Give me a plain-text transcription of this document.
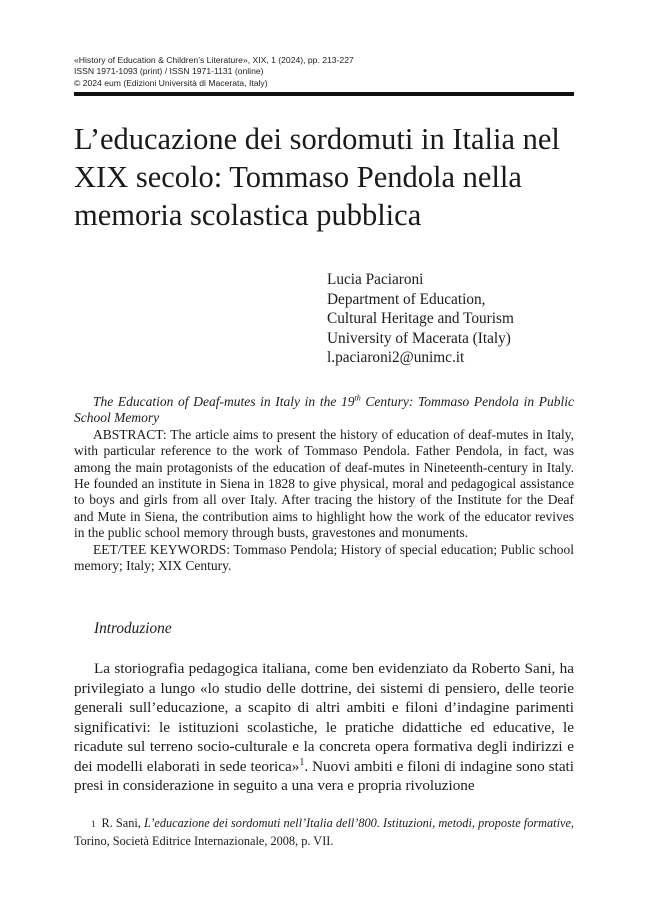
«History of Education & Children’s Literature», XIX, 1 (2024), pp. 213-227
ISSN 1971-1093 (print) / ISSN 1971-1131 (online)
© 2024 eum (Edizioni Università di Macerata, Italy)
L’educazione dei sordomuti in Italia nel
XIX secolo: Tommaso Pendola nella
memoria scolastica pubblica
Lucia Paciaroni
Department of Education,
Cultural Heritage and Tourism
University of Macerata (Italy)
l.paciaroni2@unimc.it

The Education of Deaf-mutes in Italy in the 19th Century: Tommaso Pendola in Public School Memory

ABSTRACT: The article aims to present the history of education of deaf-mutes in Italy, with particular reference to the work of Tommaso Pendola. Father Pendola, in fact, was among the main protagonists of the education of deaf-mutes in Nineteenth-century in Italy. He founded an institute in Siena in 1828 to give physical, moral and pedagogical assistance to boys and girls from all over Italy. After tracing the history of the Institute for the Deaf and Mute in Siena, the contribution aims to highlight how the work of the educator revives in the public school memory through busts, gravestones and monuments.

EET/TEE KEYWORDS: Tommaso Pendola; History of special education; Public school memory; Italy; XIX Century.

Introduzione

La storiografia pedagogica italiana, come ben evidenziato da Roberto Sani, ha privilegiato a lungo «lo studio delle dottrine, dei sistemi di pensiero, delle teorie generali sull’educazione, a scapito di altri ambiti e filoni d’indagine parimenti significativi: le istituzioni scolastiche, le pratiche didattiche ed educative, le ricadute sul terreno socio-culturale e la concreta opera formativa degli indirizzi e dei modelli elaborati in sede teorica»$^1$. Nuovi ambiti e filoni di indagine sono stati presi in considerazione in seguito a una vera e propria rivoluzione

1 R. Sani, L’educazione dei sordomuti nell’Italia dell’800. Istituzioni, metodi, proposte formative, Torino, Società Editrice Internazionale, 2008, p. VII.
